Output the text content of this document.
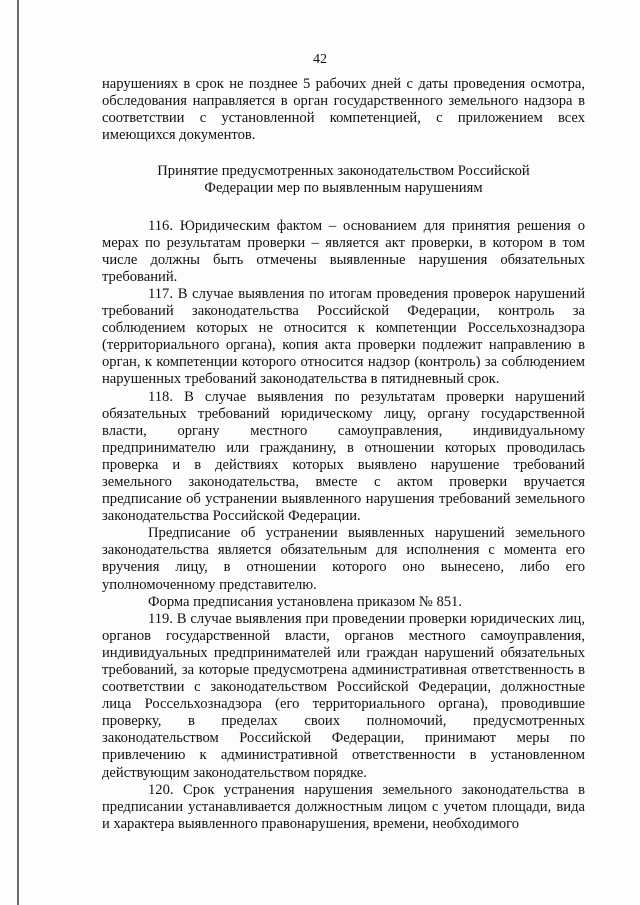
42

нарушениях в срок не позднее 5 рабочих дней с даты проведения осмотра, обследования направляется в орган государственного земельного надзора в соответствии с установленной компетенцией, с приложением всех имеющихся документов.

Принятие предусмотренных законодательством Российской
Федерации мер по выявленным нарушениям

116. Юридическим фактом – основанием для принятия решения о мерах по результатам проверки – является акт проверки, в котором в том числе должны быть отмечены выявленные нарушения обязательных требований.

117. В случае выявления по итогам проведения проверок нарушений требований законодательства Российской Федерации, контроль за соблюдением которых не относится к компетенции Россельхознадзора (территориального органа), копия акта проверки подлежит направлению в орган, к компетенции которого относится надзор (контроль) за соблюдением нарушенных требований законодательства в пятидневный срок.

118. В случае выявления по результатам проверки нарушений обязательных требований юридическому лицу, органу государственной власти, органу местного самоуправления, индивидуальному предпринимателю или гражданину, в отношении которых проводилась проверка и в действиях которых выявлено нарушение требований земельного законодательства, вместе с актом проверки вручается предписание об устранении выявленного нарушения требований земельного законодательства Российской Федерации.

Предписание об устранении выявленных нарушений земельного законодательства является обязательным для исполнения с момента его вручения лицу, в отношении которого оно вынесено, либо его уполномоченному представителю.

Форма предписания установлена приказом № 851.

119. В случае выявления при проведении проверки юридических лиц, органов государственной власти, органов местного самоуправления, индивидуальных предпринимателей или граждан нарушений обязательных требований, за которые предусмотрена административная ответственность в соответствии с законодательством Российской Федерации, должностные лица Россельхознадзора (его территориального органа), проводившие проверку, в пределах своих полномочий, предусмотренных законодательством Российской Федерации, принимают меры по привлечению к административной ответственности в установленном действующим законодательством порядке.

120. Срок устранения нарушения земельного законодательства в предписании устанавливается должностным лицом с учетом площади, вида и характера выявленного правонарушения, времени, необходимого
